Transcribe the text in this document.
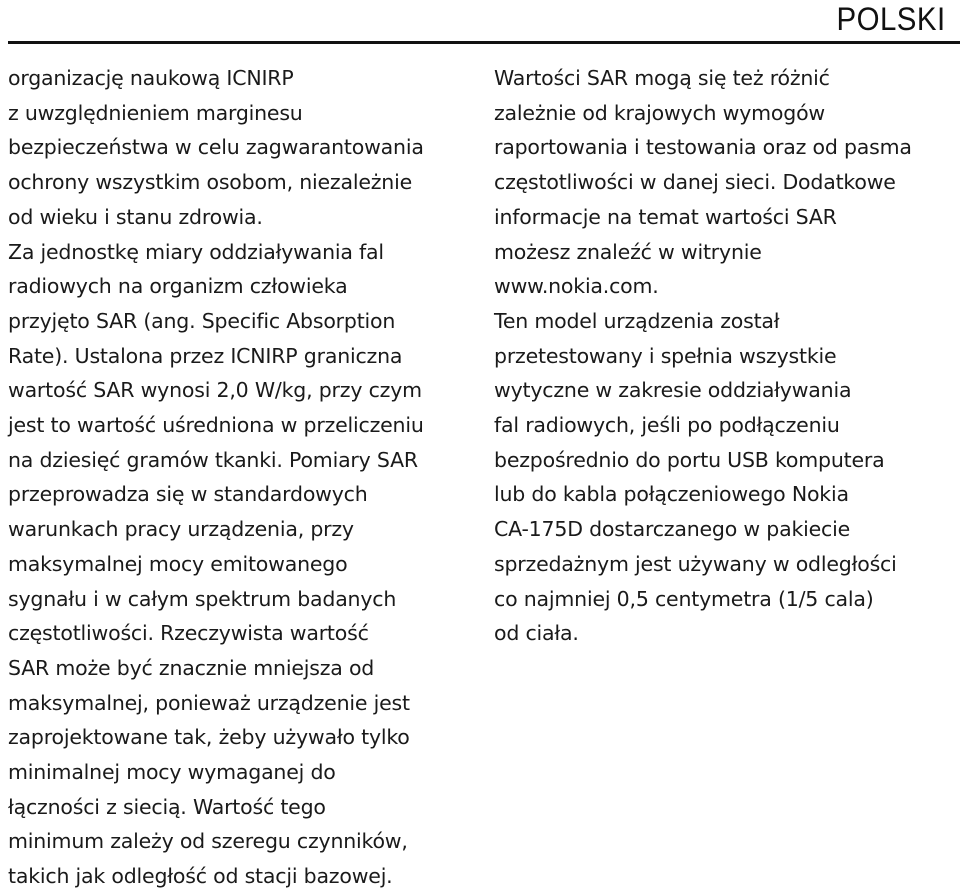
POLSKI

organizację naukową ICNIRP

z uwzględnieniem marginesu

bezpieczeństwa w celu zagwarantowania

ochrony wszystkim osobom, niezależnie

od wieku i stanu zdrowia.

Za jednostkę miary oddziaływania fal

radiowych na organizm człowieka

przyjęto SAR (ang. Specific Absorption

Rate). Ustalona przez ICNIRP graniczna

wartość SAR wynosi 2,0 W/kg, przy czym

jest to wartość uśredniona w przeliczeniu

na dziesięć gramów tkanki. Pomiary SAR

przeprowadza się w standardowych

warunkach pracy urządzenia, przy

maksymalnej mocy emitowanego

sygnału i w całym spektrum badanych

częstotliwości. Rzeczywista wartość

SAR może być znacznie mniejsza od

maksymalnej, ponieważ urządzenie jest

zaprojektowane tak, żeby używało tylko

minimalnej mocy wymaganej do

łączności z siecią. Wartość tego

minimum zależy od szeregu czynników,

takich jak odległość od stacji bazowej.

Wartości SAR mogą się też różnić

zależnie od krajowych wymogów

raportowania i testowania oraz od pasma

częstotliwości w danej sieci. Dodatkowe

informacje na temat wartości SAR

możesz znaleźć w witrynie

www.nokia.com.

Ten model urządzenia został

przetestowany i spełnia wszystkie

wytyczne w zakresie oddziaływania

fal radiowych, jeśli po podłączeniu

bezpośrednio do portu USB komputera

lub do kabla połączeniowego Nokia

CA-175D dostarczanego w pakiecie

sprzedażnym jest używany w odległości

co najmniej 0,5 centymetra (1/5 cala)

od ciała.
